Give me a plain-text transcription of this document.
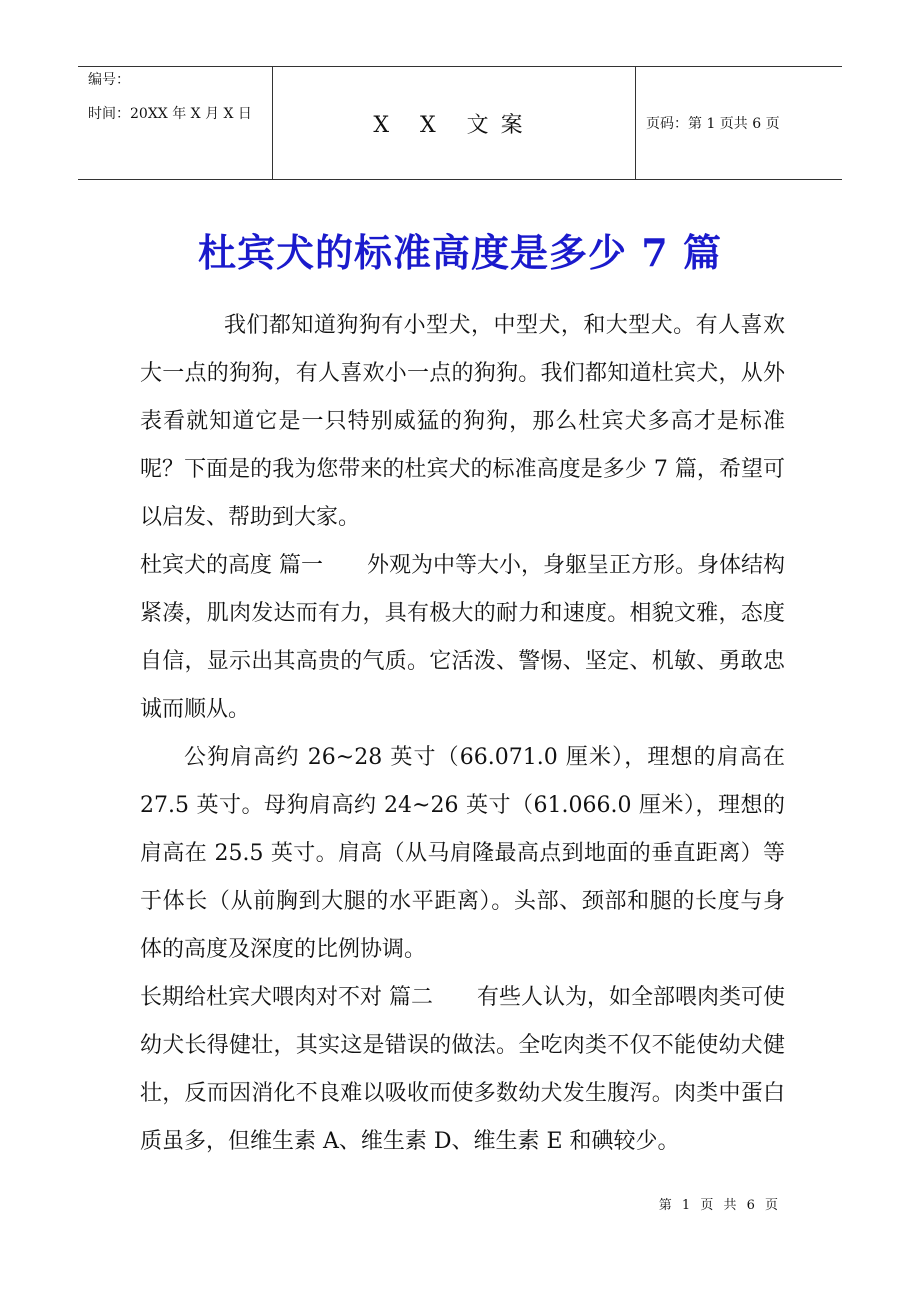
编号：
时间：20XX 年 X 月 X 日	X X 文案	页码：第 1 页共 6 页
杜宾犬的标准高度是多少 7 篇

我们都知道狗狗有小型犬，中型犬，和大型犬。有人喜欢大一点的狗狗，有人喜欢小一点的狗狗。我们都知道杜宾犬，从外表看就知道它是一只特别威猛的狗狗，那么杜宾犬多高才是标准呢？下面是的我为您带来的杜宾犬的标准高度是多少 7 篇，希望可以启发、帮助到大家。

杜宾犬的高度 篇一 外观为中等大小，身躯呈正方形。身体结构紧凑，肌肉发达而有力，具有极大的耐力和速度。相貌文雅，态度自信，显示出其高贵的气质。它活泼、警惕、坚定、机敏、勇敢忠诚而顺从。

公狗肩高约 26~28 英寸（66.071.0 厘米），理想的肩高在 27.5 英寸。母狗肩高约 24~26 英寸（61.066.0 厘米），理想的肩高在 25.5 英寸。肩高（从马肩隆最高点到地面的垂直距离）等于体长（从前胸到大腿的水平距离）。头部、颈部和腿的长度与身体的高度及深度的比例协调。

长期给杜宾犬喂肉对不对 篇二 有些人认为，如全部喂肉类可使幼犬长得健壮，其实这是错误的做法。全吃肉类不仅不能使幼犬健壮，反而因消化不良难以吸收而使多数幼犬发生腹泻。肉类中蛋白质虽多，但维生素 A、维生素 D、维生素 E 和碘较少。

第 1 页 共 6 页
